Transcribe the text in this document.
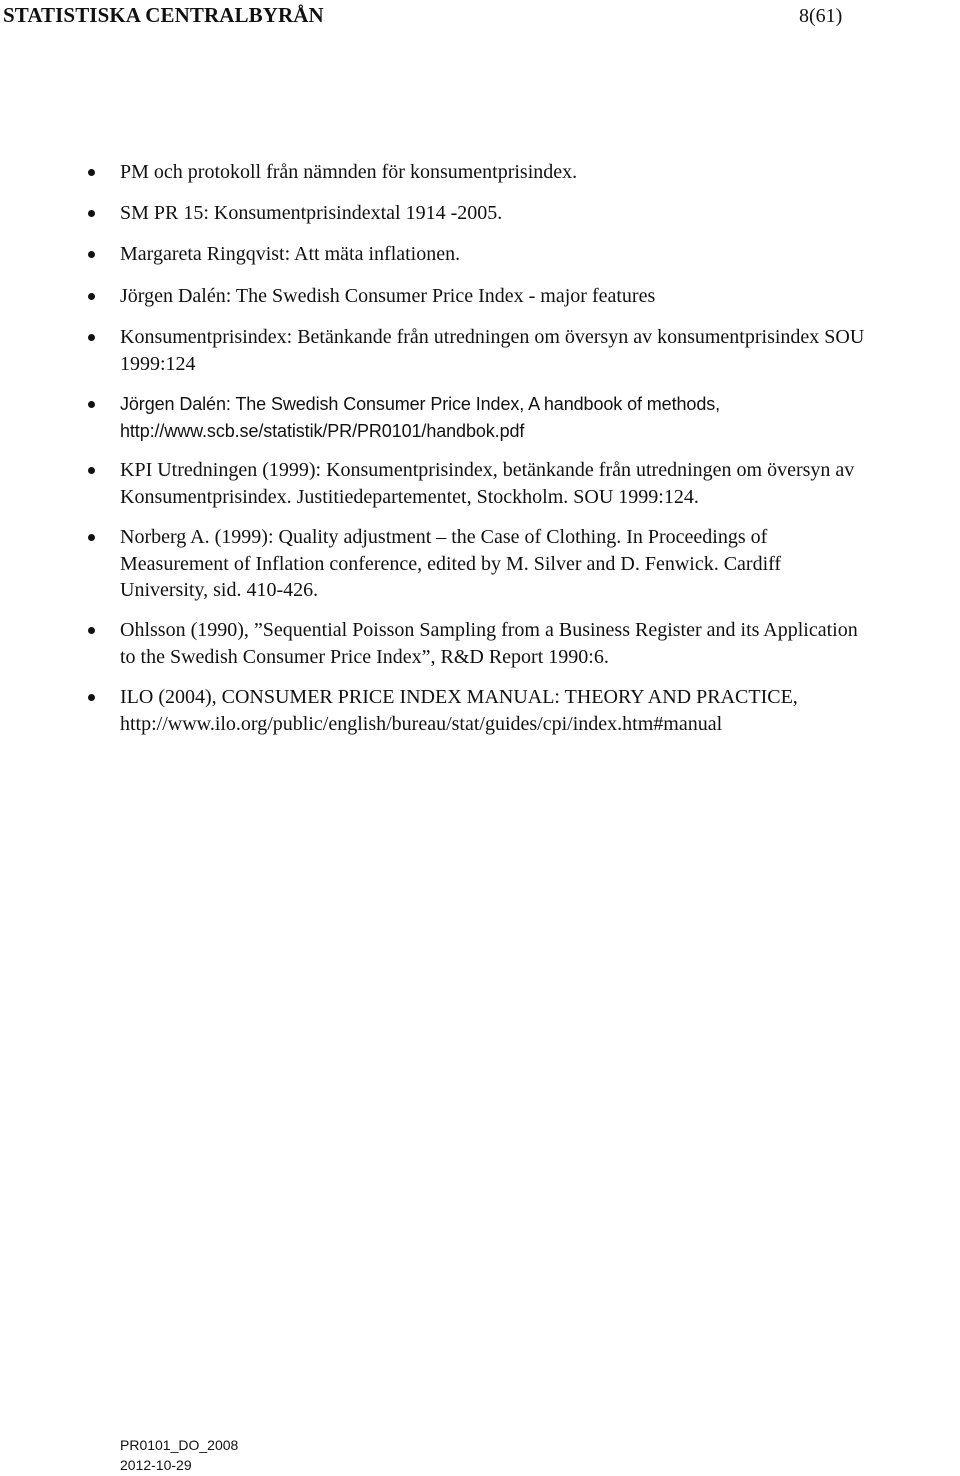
STATISTISKA CENTRALBYRÅN	8(61)
PM och protokoll från nämnden för konsumentprisindex.
SM PR 15: Konsumentprisindextal 1914 -2005.
Margareta Ringqvist: Att mäta inflationen.
Jörgen Dalén: The Swedish Consumer Price Index - major features
Konsumentprisindex: Betänkande från utredningen om översyn av konsumentprisindex SOU
1999:124
Jörgen Dalén: The Swedish Consumer Price Index, A handbook of methods,
http://www.scb.se/statistik/PR/PR0101/handbok.pdf
KPI Utredningen (1999): Konsumentprisindex, betänkande från utredningen om översyn av
Konsumentprisindex. Justitiedepartementet, Stockholm. SOU 1999:124.
Norberg A. (1999): Quality adjustment – the Case of Clothing. In Proceedings of
Measurement of Inflation conference, edited by M. Silver and D. Fenwick. Cardiff
University, sid. 410-426.
Ohlsson (1990), ”Sequential Poisson Sampling from a Business Register and its Application
to the Swedish Consumer Price Index”, R&D Report 1990:6.
ILO (2004), CONSUMER PRICE INDEX MANUAL: THEORY AND PRACTICE,
http://www.ilo.org/public/english/bureau/stat/guides/cpi/index.htm#manual
PR0101_DO_2008
2012-10-29
